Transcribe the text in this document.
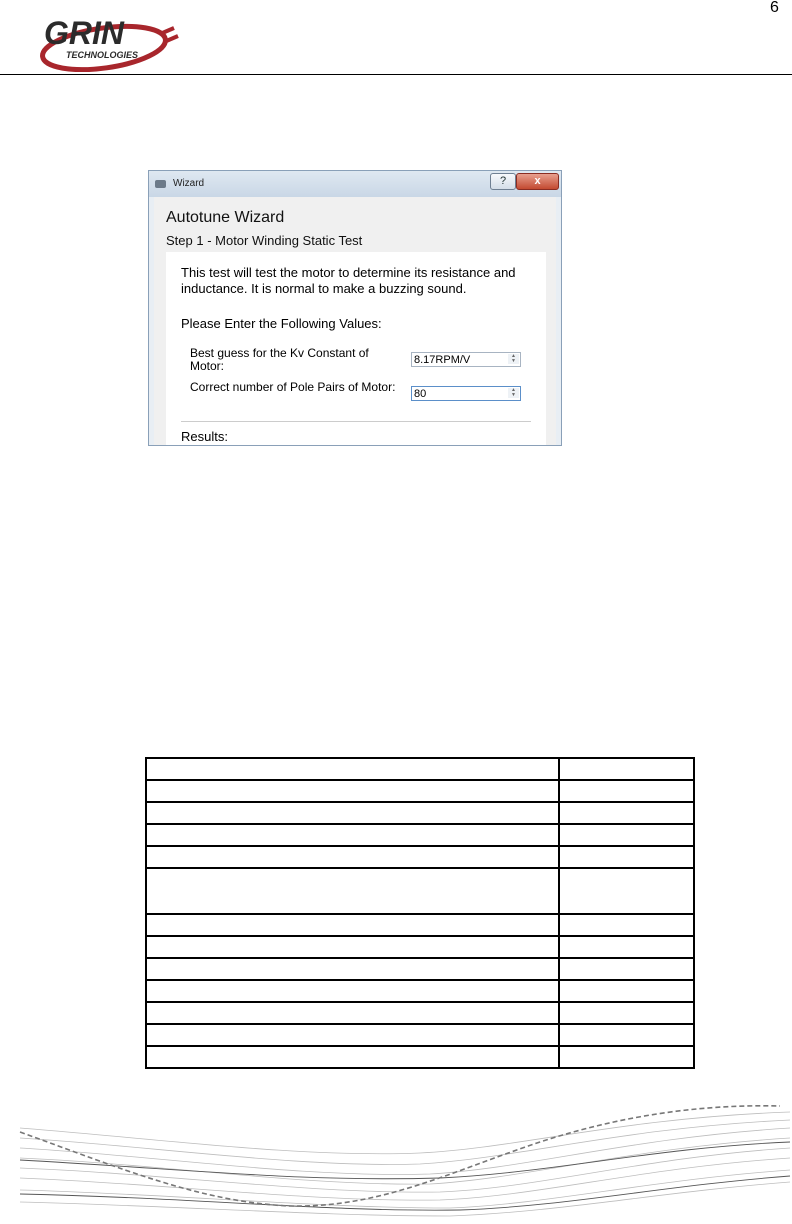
6
GRIN
TECHNOLOGIES
Wizard	?	x
Autotune Wizard
Step 1 - Motor Winding Static Test
This test will test the motor to determine its resistance and inductance. It is normal to make a buzzing sound.
Please Enter the Following Values:
Best guess for the Kv Constant of Motor:
8.17RPM/V
▲
▼
Correct number of Pole Pairs of Motor:
80	▲
▼
Results:
